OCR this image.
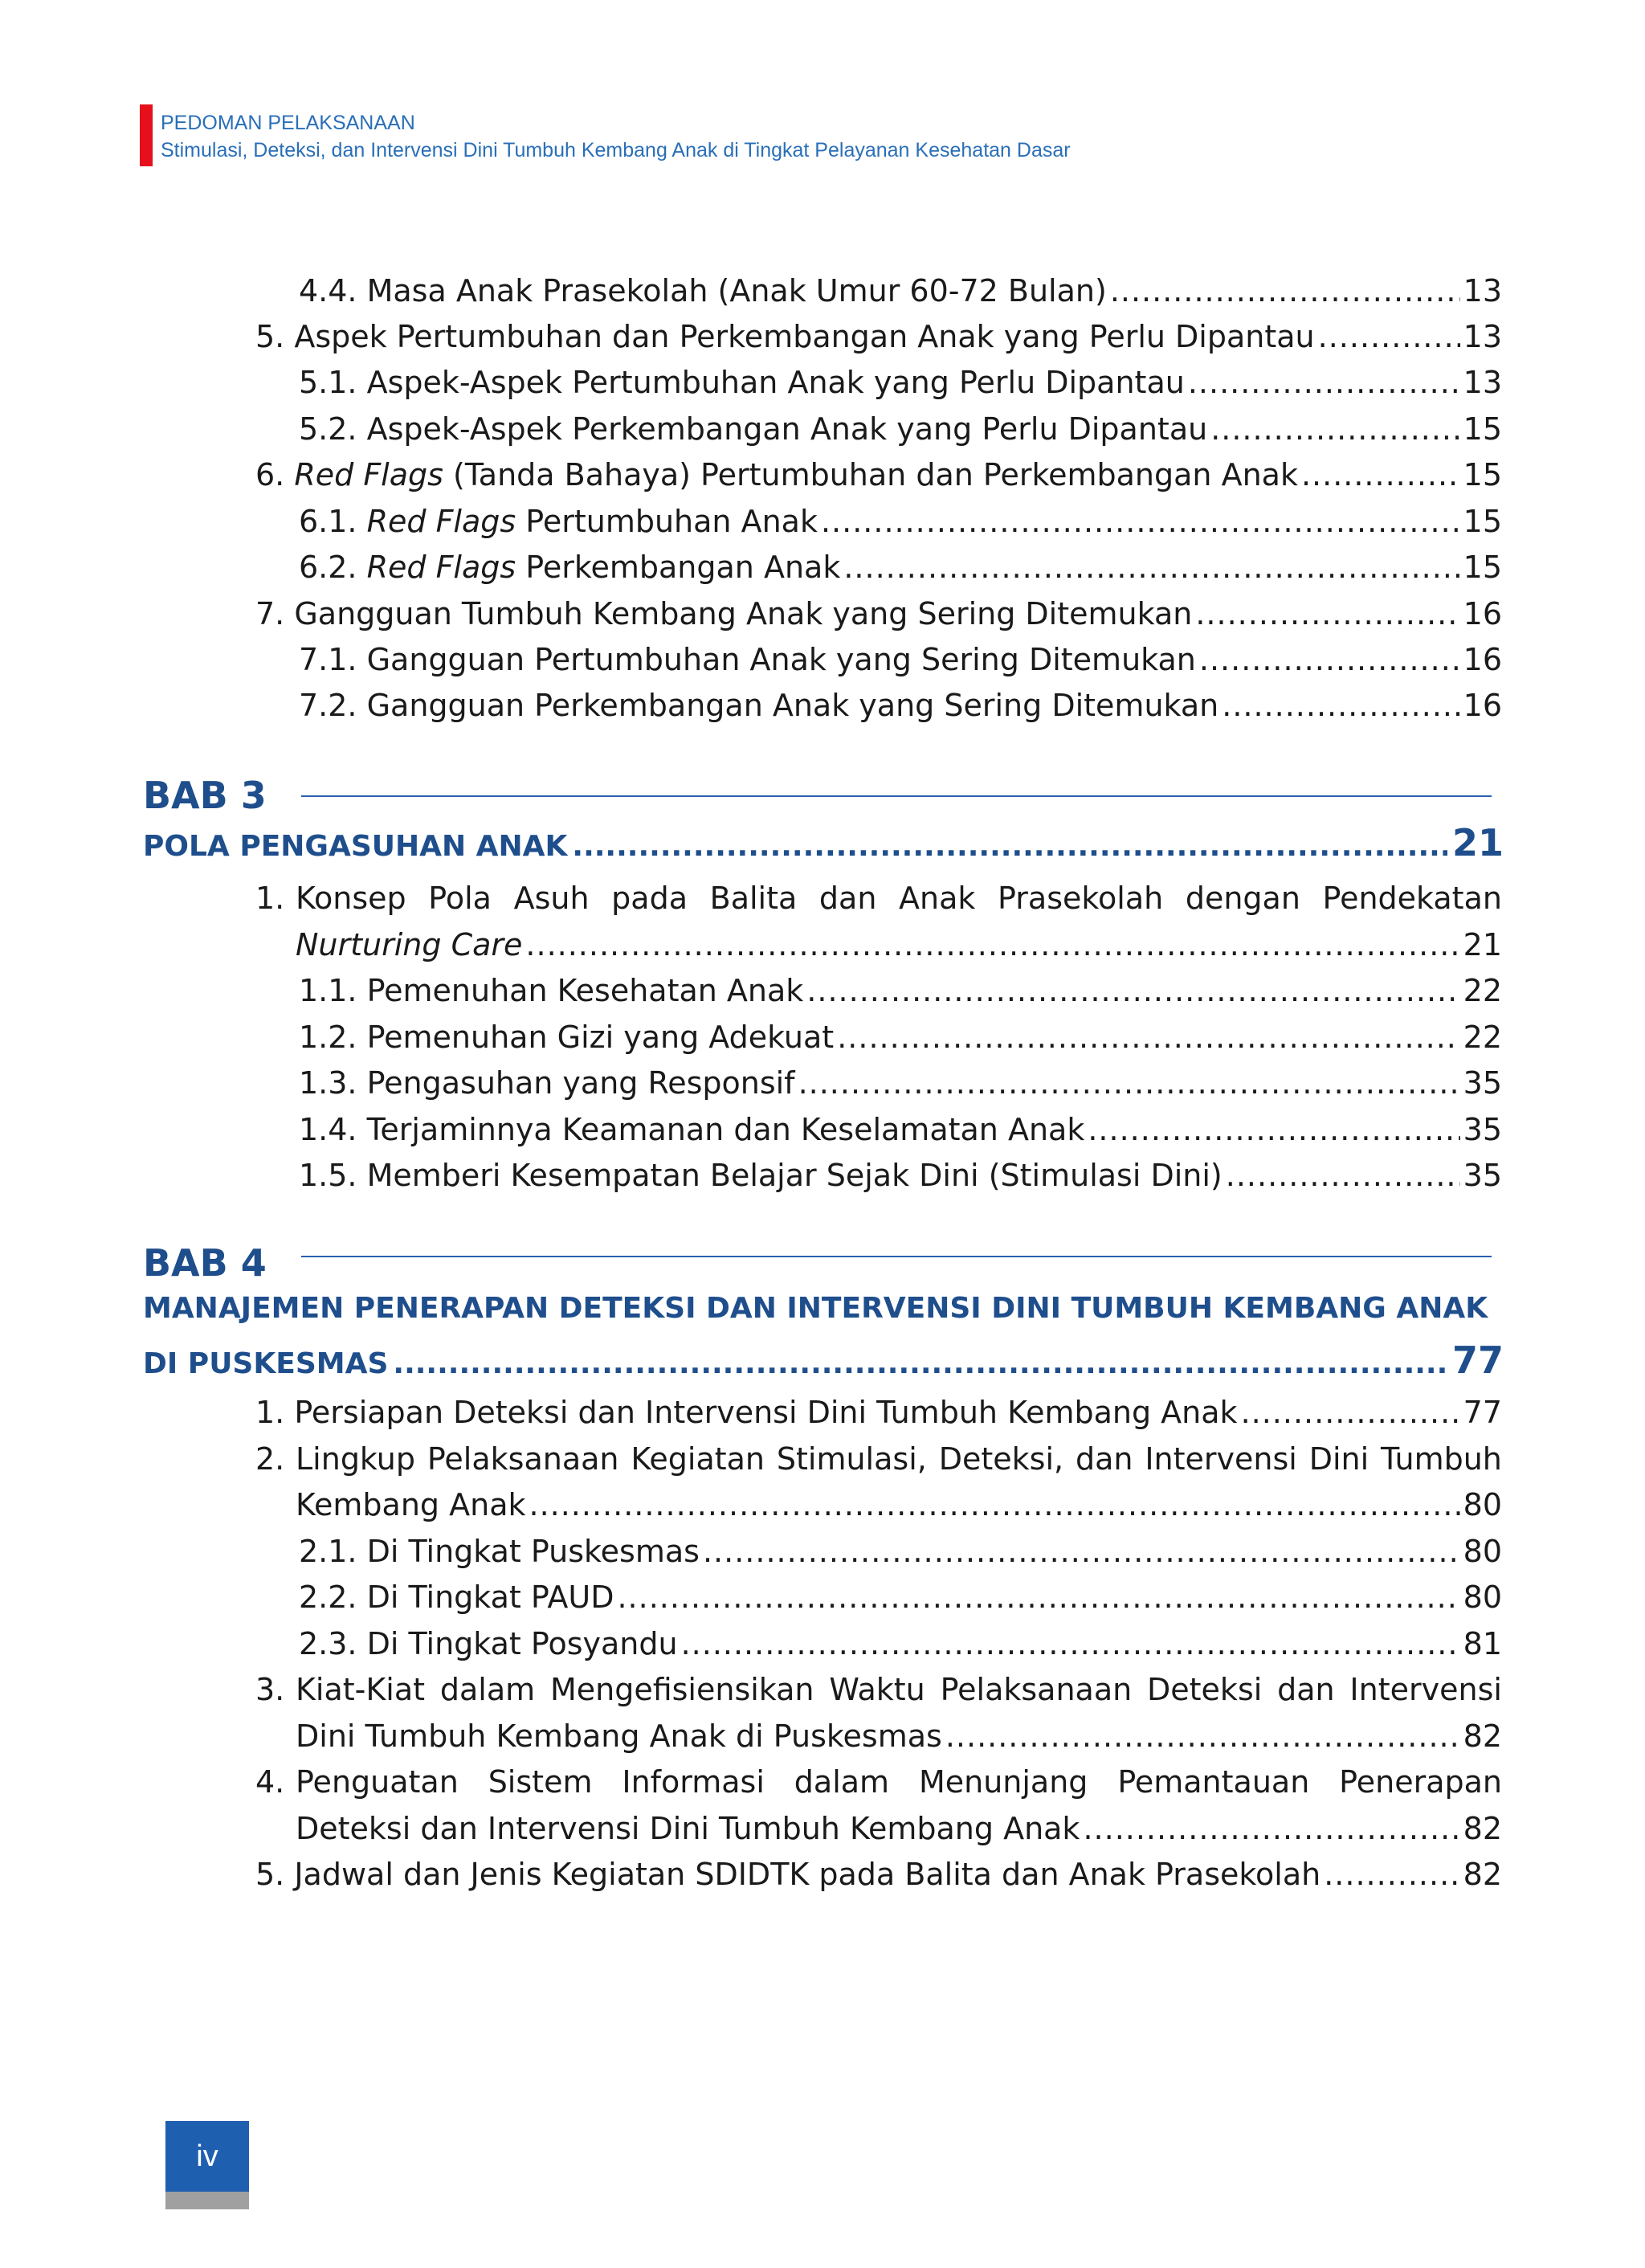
PEDOMAN PELAKSANAAN
Stimulasi, Deteksi, dan Intervensi Dini Tumbuh Kembang Anak di Tingkat Pelayanan Kesehatan Dasar
4.4. Masa Anak Prasekolah (Anak Umur 60-72 Bulan) .....	13
5. Aspek Pertumbuhan dan Perkembangan Anak yang Perlu Dipantau .....	13
5.1. Aspek-Aspek Pertumbuhan Anak yang Perlu Dipantau .....	13
5.2. Aspek-Aspek Perkembangan Anak yang Perlu Dipantau .....	15
6. Red Flags (Tanda Bahaya) Pertumbuhan dan Perkembangan Anak .....	15
6.1. Red Flags Pertumbuhan Anak .....	15
6.2. Red Flags Perkembangan Anak .....	15
7. Gangguan Tumbuh Kembang Anak yang Sering Ditemukan .....	16
7.1. Gangguan Pertumbuhan Anak yang Sering Ditemukan .....	16
7.2. Gangguan Perkembangan Anak yang Sering Ditemukan .....	16
BAB 3
POLA PENGASUHAN ANAK .....	21
1. Konsep Pola Asuh pada Balita dan Anak Prasekolah dengan Pendekatan
Nurturing Care .....	21
1.1. Pemenuhan Kesehatan Anak .....	22
1.2. Pemenuhan Gizi yang Adekuat .....	22
1.3. Pengasuhan yang Responsif .....	35
1.4. Terjaminnya Keamanan dan Keselamatan Anak .....	35
1.5. Memberi Kesempatan Belajar Sejak Dini (Stimulasi Dini) .....	35
BAB 4
MANAJEMEN PENERAPAN DETEKSI DAN INTERVENSI DINI TUMBUH KEMBANG ANAK
DI PUSKESMAS .....	77
1. Persiapan Deteksi dan Intervensi Dini Tumbuh Kembang Anak .....	77
2. Lingkup Pelaksanaan Kegiatan Stimulasi, Deteksi, dan Intervensi Dini Tumbuh
Kembang Anak .....	80
2.1. Di Tingkat Puskesmas .....	80
2.2. Di Tingkat PAUD .....	80
2.3. Di Tingkat Posyandu .....	81
3. Kiat-Kiat dalam Mengefisiensikan Waktu Pelaksanaan Deteksi dan Intervensi
Dini Tumbuh Kembang Anak di Puskesmas .....	82
4. Penguatan Sistem Informasi dalam Menunjang Pemantauan Penerapan
Deteksi dan Intervensi Dini Tumbuh Kembang Anak .....	82
5. Jadwal dan Jenis Kegiatan SDIDTK pada Balita dan Anak Prasekolah .....	82
iv
